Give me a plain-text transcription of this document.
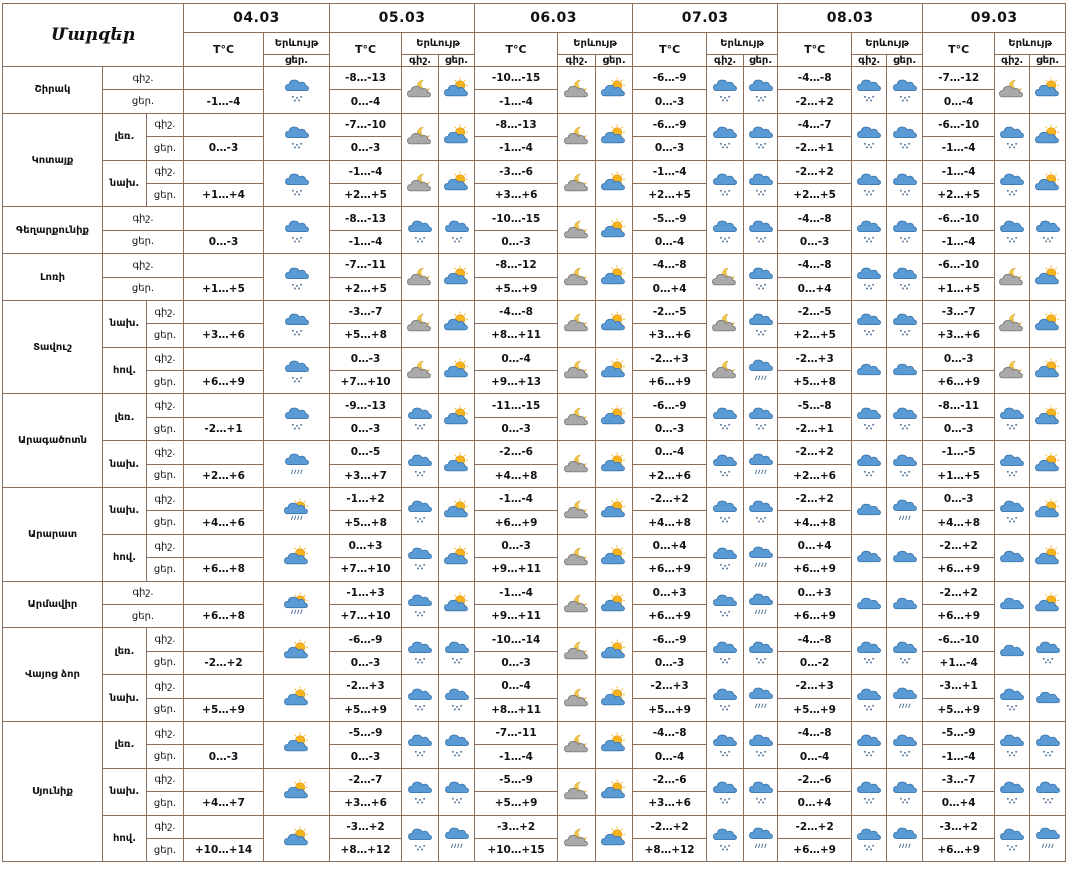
Մարզեր			04.03		05.03			06.03			07.03			08.03			09.03		
			T°C	Երևույթ	T°C	Երևույթ		T°C	Երևույթ		T°C	Երևույթ		T°C	Երևույթ		T°C	Երևույթ	
				ցեր.		գիշ.	ցեր.		գիշ.	ցեր.		գիշ.	ցեր.		գիշ.	ցեր.		գիշ.	ցեր.
Շիրակ	գիշ.				-8…-13			-10…-15			-6…-9			-4…-8			-7…-12	

	ցեր.		-1…-4		0…-4			-1…-4			0…-3			-2…+2			0…-4		
Կոտայք	լեռ.	գիշ.			-7…-10			-8…-13			-6…-9			-4…-7			-6…-10	

		ցեր.	0…-3		0…-3			-1…-4			0…-3			-2…+1			-1…-4		
	նախ.	գիշ.			-1…-4			-3…-6			-1…-4			-2…+2			-1…-4	

		ցեր.	+1…+4		+2…+5			+3…+6			+2…+5			+2…+5			+2…+5		
Գեղարքունիք	գիշ.				-8…-13			-10…-15			-5…-9			-4…-8			-6…-10	

	ցեր.		0…-3		-1…-4			0…-3			0…-4			0…-3			-1…-4		
Լոռի	գիշ.				-7…-11			-8…-12			-4…-8			-4…-8			-6…-10	

	ցեր.		+1…+5		+2…+5			+5…+9			0…+4			0…+4			+1…+5		
Տավուշ	նախ.	գիշ.			-3…-7			-4…-8			-2…-5			-2…-5			-3…-7	

		ցեր.	+3…+6		+5…+8			+8…+11			+3…+6			+2…+5			+3…+6		
	հով.	գիշ.			0…-3			0…-4			-2…+3			-2…+3			0…-3	

		ցեր.	+6…+9		+7…+10			+9…+13			+6…+9			+5…+8			+6…+9		
Արագածոտն	լեռ.	գիշ.			-9…-13			-11…-15			-6…-9			-5…-8			-8…-11	

		ցեր.	-2…+1		0…-3			0…-3			0…-3			-2…+1			0…-3		
	նախ.	գիշ.			0…-5			-2…-6			0…-4			-2…+2			-1…-5	

		ցեր.	+2…+6		+3…+7			+4…+8			+2…+6			+2…+6			+1…+5		
Արարատ	նախ.	գիշ.			-1…+2			-1…-4			-2…+2			-2…+2			0…-3	

		ցեր.	+4…+6		+5…+8			+6…+9			+4…+8			+4…+8			+4…+8		
	հով.	գիշ.			0…+3			0…-3			0…+4			0…+4			-2…+2	

		ցեր.	+6…+8		+7…+10			+9…+11			+6…+9			+6…+9			+6…+9		
Արմավիր	գիշ.				-1…+3			-1…-4			0…+3			0…+3			-2…+2	

	ցեր.		+6…+8		+7…+10			+9…+11			+6…+9			+6…+9			+6…+9		
Վայոց ձոր	լեռ.	գիշ.			-6…-9			-10…-14			-6…-9			-4…-8			-6…-10	

		ցեր.	-2…+2		0…-3			0…-3			0…-3			0…-2			+1…-4		
	նախ.	գիշ.			-2…+3			0…-4			-2…+3			-2…+3			-3…+1	

		ցեր.	+5…+9		+5…+9			+8…+11			+5…+9			+5…+9			+5…+9		
Սյունիք	լեռ.	գիշ.			-5…-9			-7…-11			-4…-8			-4…-8			-5…-9	

		ցեր.	0…-3		0…-3			-1…-4			0…-4			0…-4			-1…-4		
	նախ.	գիշ.			-2…-7			-5…-9			-2…-6			-2…-6			-3…-7	

		ցեր.	+4…+7		+3…+6			+5…+9			+3…+6			0…+4			0…+4		
	հով.	գիշ.			-3…+2			-3…+2			-2…+2			-2…+2			-3…+2	

		ցեր.	+10…+14		+8…+12			+10…+15			+8…+12			+6…+9			+6…+9		
